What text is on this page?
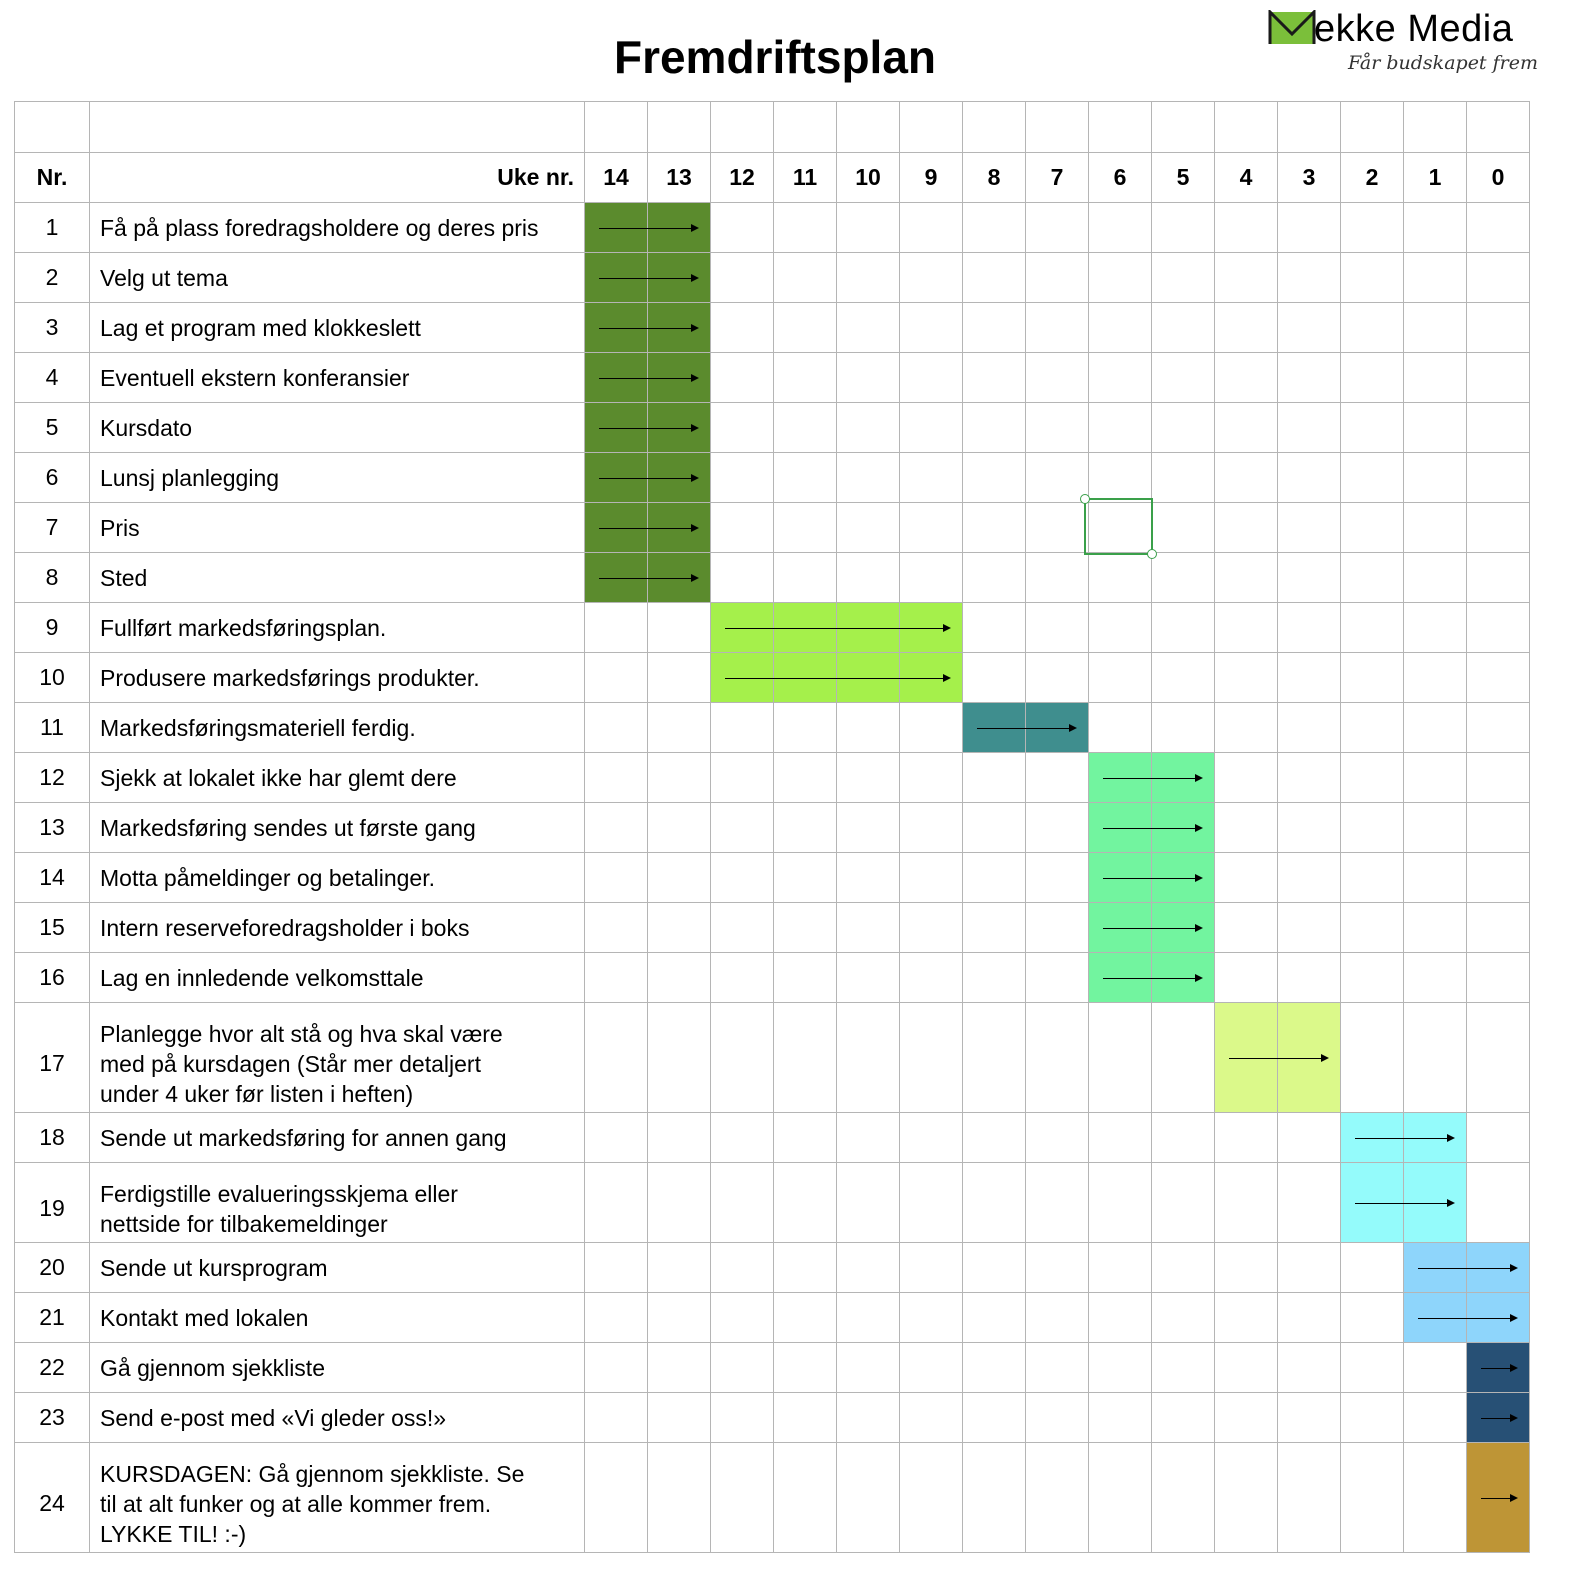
Fremdriftsplan
ekke Media
Får budskapet frem

Nr.	Uke nr.	14	13	12	11	10	9	8	7	6	5	4	3	2	1	0
1	Få på plass foredragsholdere og deres pris															

2	Velg ut tema															

3	Lag et program med klokkeslett															

4	Eventuell ekstern konferansier															

5	Kursdato															

6	Lunsj planlegging															

7	Pris															

8	Sted															

9	Fullført markedsføringsplan.															

10	Produsere markedsførings produkter.															

11	Markedsføringsmateriell ferdig.															

12	Sjekk at lokalet ikke har glemt dere															

13	Markedsføring sendes ut første gang															

14	Motta påmeldinger og betalinger.															

15	Intern reserveforedragsholder i boks															

16	Lag en innledende velkomsttale															

17	Planlegge hvor alt stå og hva skal være
med på kursdagen (Står mer detaljert
under 4 uker før listen i heften)															

18	Sende ut markedsføring for annen gang															

19	Ferdigstille evalueringsskjema eller
nettside for tilbakemeldinger															

20	Sende ut kursprogram															

21	Kontakt med lokalen															

22	Gå gjennom sjekkliste															

23	Send e-post med «Vi gleder oss!»															

24	KURSDAGEN: Gå gjennom sjekkliste. Se
til at alt funker og at alle kommer frem.
LYKKE TIL! :-)															
